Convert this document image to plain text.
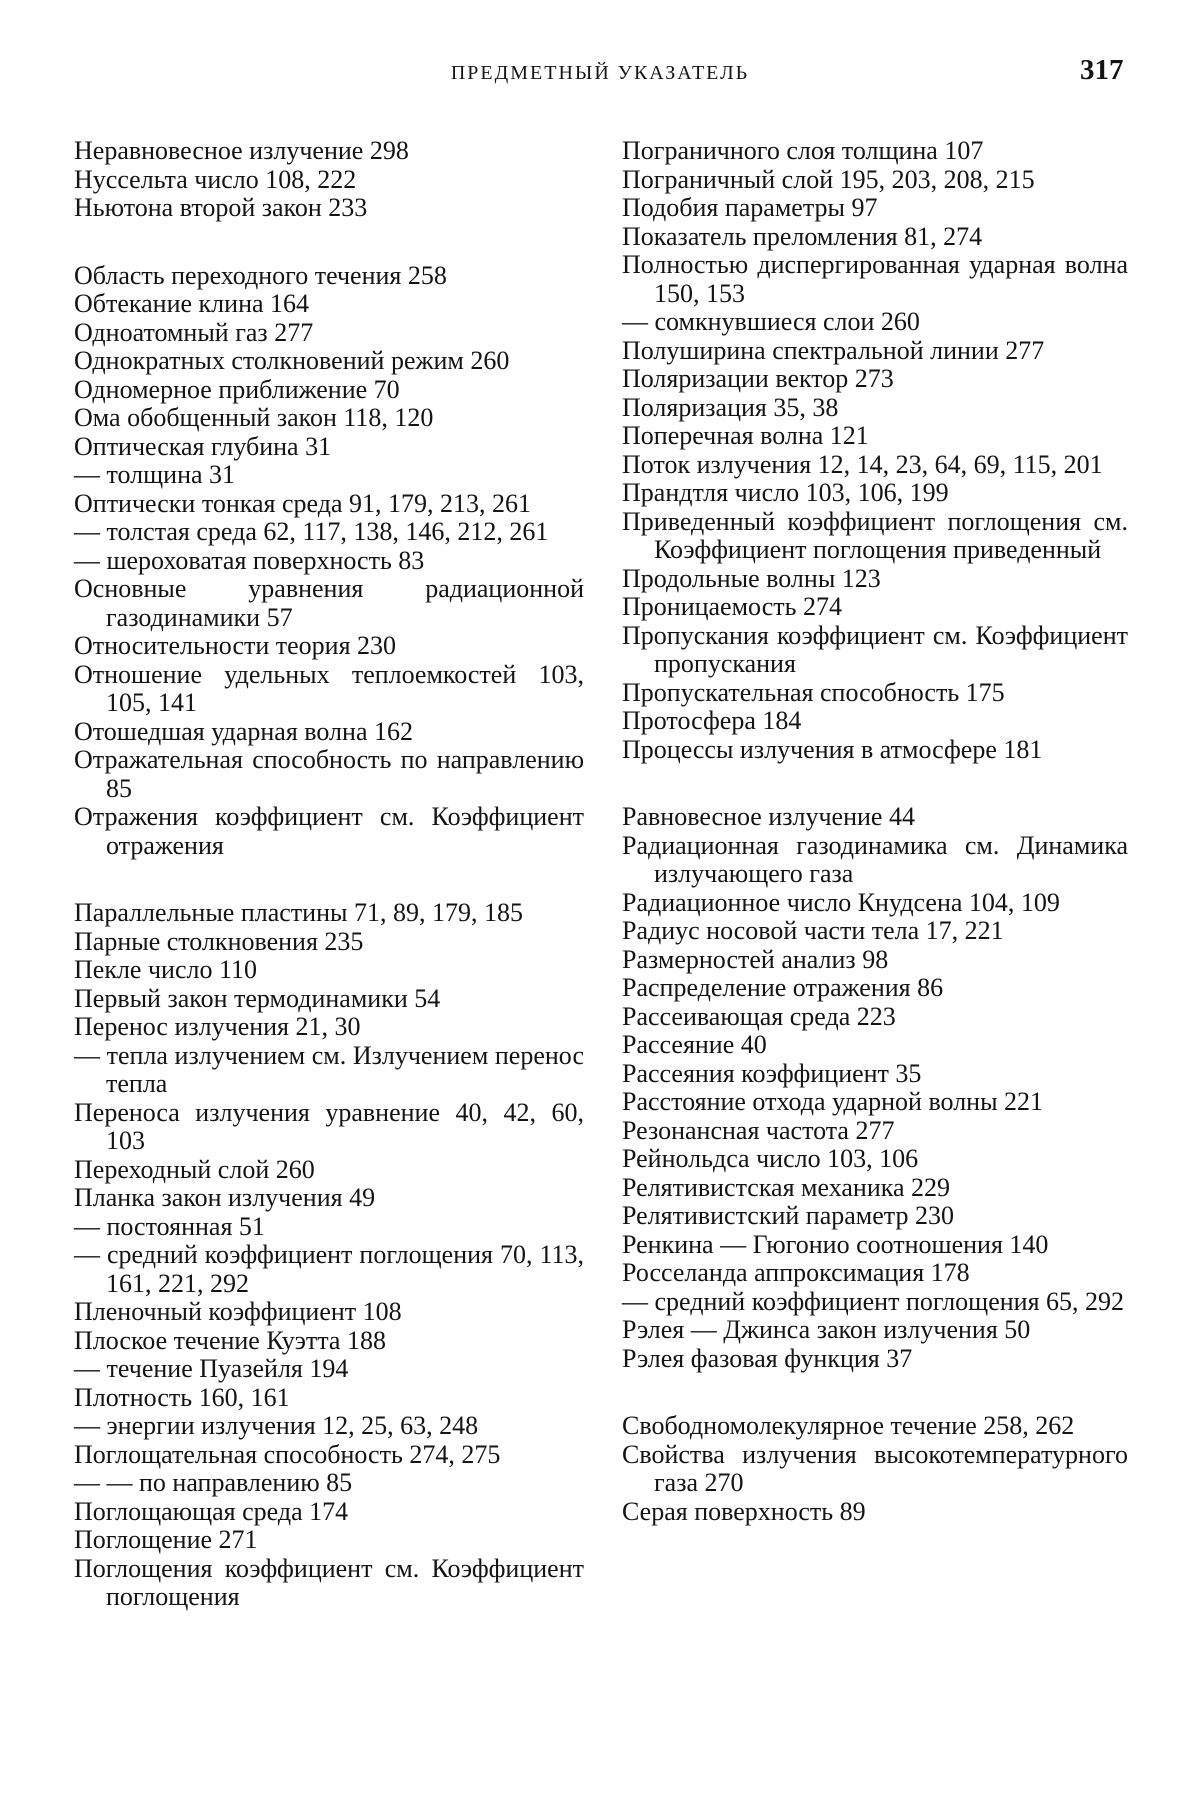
ПРЕДМЕТНЫЙ УКАЗАТЕЛЬ	317

Неравновесное излучение 298

Нуссельта число 108, 222

Ньютона второй закон 233

Область переходного течения 258

Обтекание клина 164

Одноатомный газ 277

Однократных столкновений режим 260

Одномерное приближение 70

Ома обобщенный закон 118, 120

Оптическая глубина 31

— толщина 31

Оптически тонкая среда 91, 179, 213, 261

— толстая среда 62, 117, 138, 146, 212, 261

— шероховатая поверхность 83

Основные уравнения радиационной газодинамики 57

Относительности теория 230

Отношение удельных теплоемкостей 103, 105, 141

Отошедшая ударная волна 162

Отражательная способность по направлению 85

Отражения коэффициент см. Коэффициент отражения

Параллельные пластины 71, 89, 179, 185

Парные столкновения 235

Пекле число 110

Первый закон термодинамики 54

Перенос излучения 21, 30

— тепла излучением см. Излучением перенос тепла

Переноса излучения уравнение 40, 42, 60, 103

Переходный слой 260

Планка закон излучения 49

— постоянная 51

— средний коэффициент поглощения 70, 113, 161, 221, 292

Пленочный коэффициент 108

Плоское течение Куэтта 188

— течение Пуазейля 194

Плотность 160, 161

— энергии излучения 12, 25, 63, 248

Поглощательная способность 274, 275

— — по направлению 85

Поглощающая среда 174

Поглощение 271

Поглощения коэффициент см. Коэффициент поглощения

Пограничного слоя толщина 107

Пограничный слой 195, 203, 208, 215

Подобия параметры 97

Показатель преломления 81, 274

Полностью диспергированная ударная волна 150, 153

— сомкнувшиеся слои 260

Полуширина спектральной линии 277

Поляризации вектор 273

Поляризация 35, 38

Поперечная волна 121

Поток излучения 12, 14, 23, 64, 69, 115, 201

Прандтля число 103, 106, 199

Приведенный коэффициент поглощения см. Коэффициент поглощения приведенный

Продольные волны 123

Проницаемость 274

Пропускания коэффициент см. Коэффициент пропускания

Пропускательная способность 175

Протосфера 184

Процессы излучения в атмосфере 181

Равновесное излучение 44

Радиационная газодинамика см. Динамика излучающего газа

Радиационное число Кнудсена 104, 109

Радиус носовой части тела 17, 221

Размерностей анализ 98

Распределение отражения 86

Рассеивающая среда 223

Рассеяние 40

Рассеяния коэффициент 35

Расстояние отхода ударной волны 221

Резонансная частота 277

Рейнольдса число 103, 106

Релятивистская механика 229

Релятивистский параметр 230

Ренкина — Гюгонио соотношения 140

Росселанда аппроксимация 178

— средний коэффициент поглощения 65, 292

Рэлея — Джинса закон излучения 50

Рэлея фазовая функция 37

Свободномолекулярное течение 258, 262

Свойства излучения высокотемпературного газа 270

Серая поверхность 89
